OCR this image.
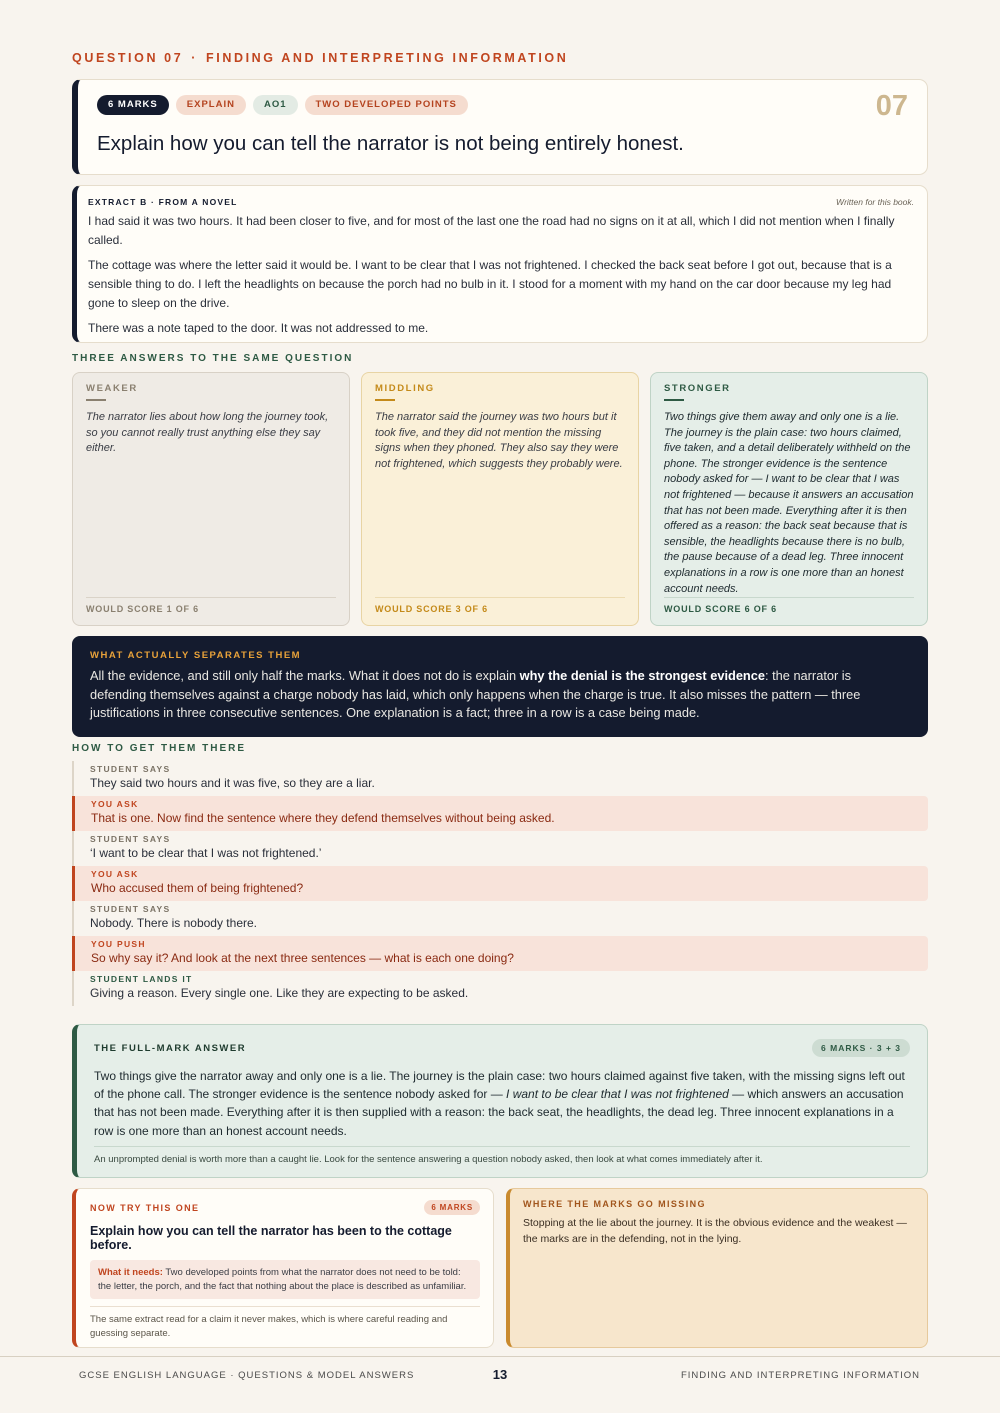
QUESTION 07 · FINDING AND INTERPRETING INFORMATION
6 MARKS	EXPLAIN	AO1	TWO DEVELOPED POINTS	07
Explain how you can tell the narrator is not being entirely honest.
EXTRACT B · FROM A NOVEL	Written for this book.

I had said it was two hours. It had been closer to five, and for most of the last one the road had no signs on it at all, which I did not mention when I finally called.

The cottage was where the letter said it would be. I want to be clear that I was not frightened. I checked the back seat before I got out, because that is a sensible thing to do. I left the headlights on because the porch had no bulb in it. I stood for a moment with my hand on the car door because my leg had gone to sleep on the drive.

There was a note taped to the door. It was not addressed to me.

THREE ANSWERS TO THE SAME QUESTION
WEAKER
The narrator lies about how long the journey took, so you cannot really trust anything else they say either.
WOULD SCORE 1 OF 6
MIDDLING
The narrator said the journey was two hours but it took five, and they did not mention the missing signs when they phoned. They also say they were not frightened, which suggests they probably were.
WOULD SCORE 3 OF 6
STRONGER
Two things give them away and only one is a lie. The journey is the plain case: two hours claimed, five taken, and a detail deliberately withheld on the phone. The stronger evidence is the sentence nobody asked for — I want to be clear that I was not frightened — because it answers an accusation that has not been made. Everything after it is then offered as a reason: the back seat because that is sensible, the headlights because there is no bulb, the pause because of a dead leg. Three innocent explanations in a row is one more than an honest account needs.
WOULD SCORE 6 OF 6
WHAT ACTUALLY SEPARATES THEM
All the evidence, and still only half the marks. What it does not do is explain why the denial is the strongest evidence: the narrator is defending themselves against a charge nobody has laid, which only happens when the charge is true. It also misses the pattern — three justifications in three consecutive sentences. One explanation is a fact; three in a row is a case being made.
HOW TO GET THEM THERE
STUDENT SAYS
They said two hours and it was five, so they are a liar.
YOU ASK
That is one. Now find the sentence where they defend themselves without being asked.
STUDENT SAYS
‘I want to be clear that I was not frightened.’
YOU ASK
Who accused them of being frightened?
STUDENT SAYS
Nobody. There is nobody there.
YOU PUSH
So why say it? And look at the next three sentences — what is each one doing?
STUDENT LANDS IT
Giving a reason. Every single one. Like they are expecting to be asked.
THE FULL-MARK ANSWER	6 MARKS · 3 + 3
Two things give the narrator away and only one is a lie. The journey is the plain case: two hours claimed against five taken, with the missing signs left out of the phone call. The stronger evidence is the sentence nobody asked for — I want to be clear that I was not frightened — which answers an accusation that has not been made. Everything after it is then supplied with a reason: the back seat, the headlights, the dead leg. Three innocent explanations in a row is one more than an honest account needs.
An unprompted denial is worth more than a caught lie. Look for the sentence answering a question nobody asked, then look at what comes immediately after it.
NOW TRY THIS ONE	6 MARKS
Explain how you can tell the narrator has been to the cottage before.
What it needs: Two developed points from what the narrator does not need to be told: the letter, the porch, and the fact that nothing about the place is described as unfamiliar.
The same extract read for a claim it never makes, which is where careful reading and guessing separate.
WHERE THE MARKS GO MISSING
Stopping at the lie about the journey. It is the obvious evidence and the weakest — the marks are in the defending, not in the lying.
GCSE ENGLISH LANGUAGE · QUESTIONS & MODEL ANSWERS	13	FINDING AND INTERPRETING INFORMATION
